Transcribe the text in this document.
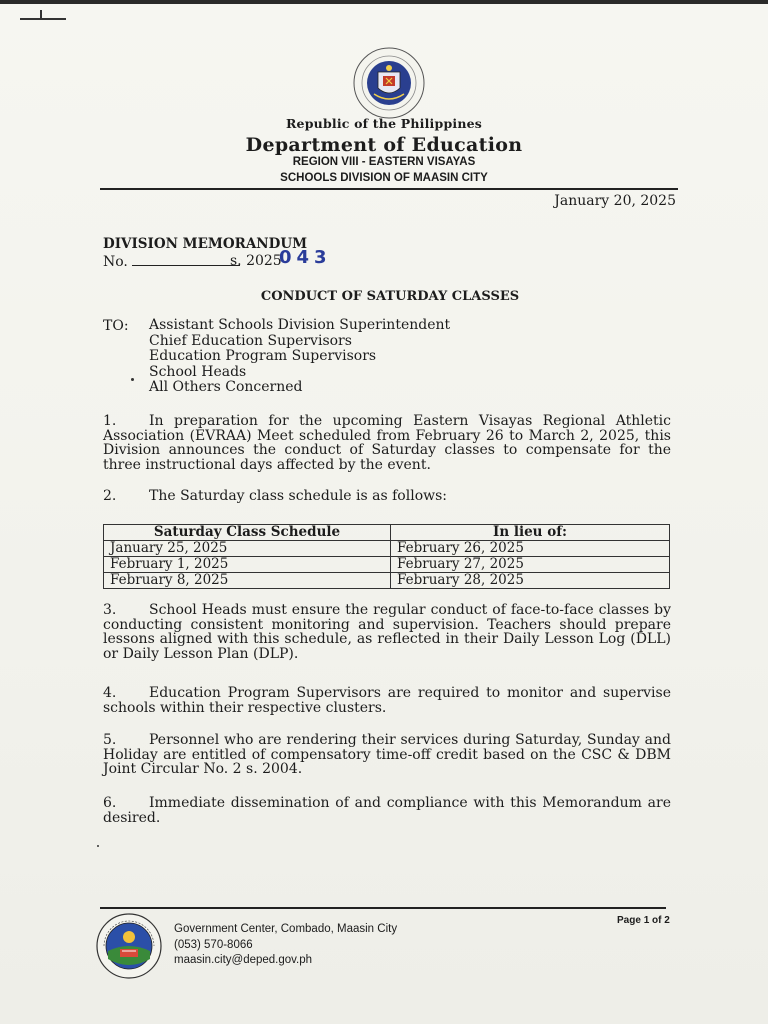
Republic of the Philippines
Department of Education
REGION VIII - EASTERN VISAYAS
SCHOOLS DIVISION OF MAASIN CITY
January 20, 2025
DIVISION MEMORANDUM
No.	s. 2025
043
CONDUCT OF SATURDAY CLASSES
TO: Assistant Schools Division Superintendent
Chief Education Supervisors
Education Program Supervisors
School Heads
All Others Concerned
1. In preparation for the upcoming Eastern Visayas Regional Athletic Association (EVRAA) Meet scheduled from February 26 to March 2, 2025, this Division announces the conduct of Saturday classes to compensate for the three instructional days affected by the event.
2. The Saturday class schedule is as follows:
Saturday Class Schedule	In lieu of:
January 25, 2025	February 26, 2025
February 1, 2025	February 27, 2025
February 8, 2025	February 28, 2025
3. School Heads must ensure the regular conduct of face-to-face classes by conducting consistent monitoring and supervision. Teachers should prepare lessons aligned with this schedule, as reflected in their Daily Lesson Log (DLL) or Daily Lesson Plan (DLP).
4. Education Program Supervisors are required to monitor and supervise schools within their respective clusters.
5. Personnel who are rendering their services during Saturday, Sunday and Holiday are entitled of compensatory time-off credit based on the CSC & DBM Joint Circular No. 2 s. 2004.
6. Immediate dissemination of and compliance with this Memorandum are desired.
Government Center, Combado, Maasin City
(053) 570-8066
maasin.city@deped.gov.ph
Page 1 of 2
